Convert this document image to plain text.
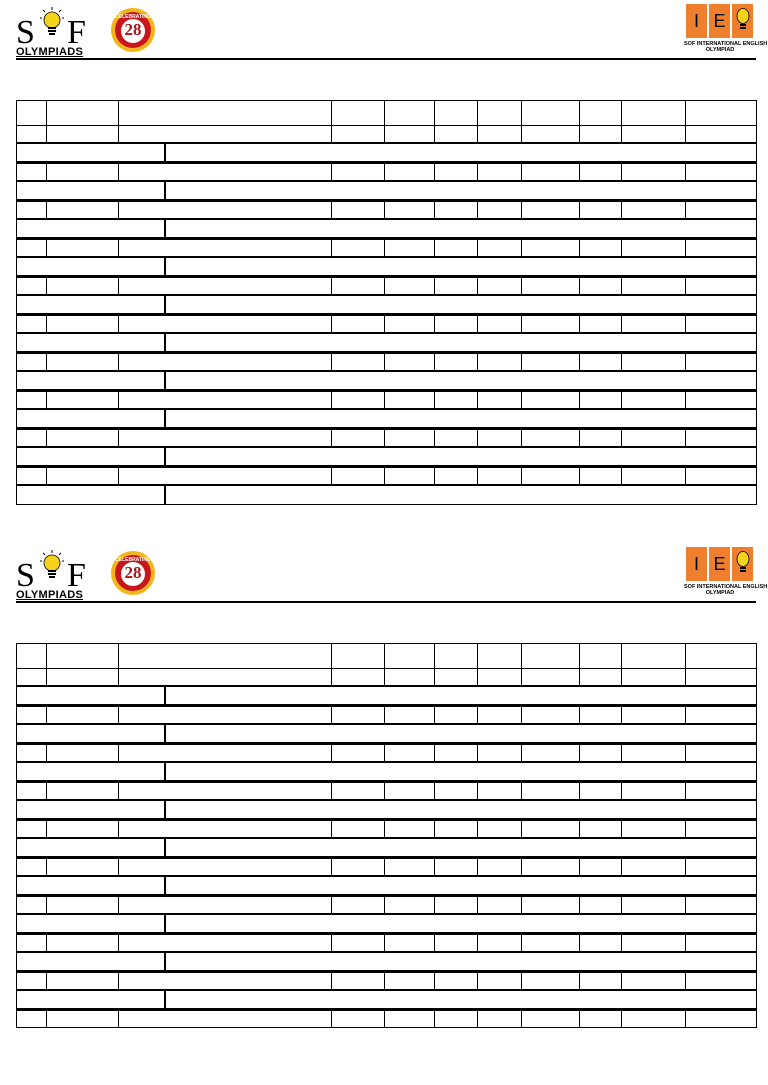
S F
OLYMPIADS
CELEBRATING
28	I E
SOF INTERNATIONAL ENGLISH
OLYMPIAD
S F
OLYMPIADS
CELEBRATING
28	I E
SOF INTERNATIONAL ENGLISH
OLYMPIAD
